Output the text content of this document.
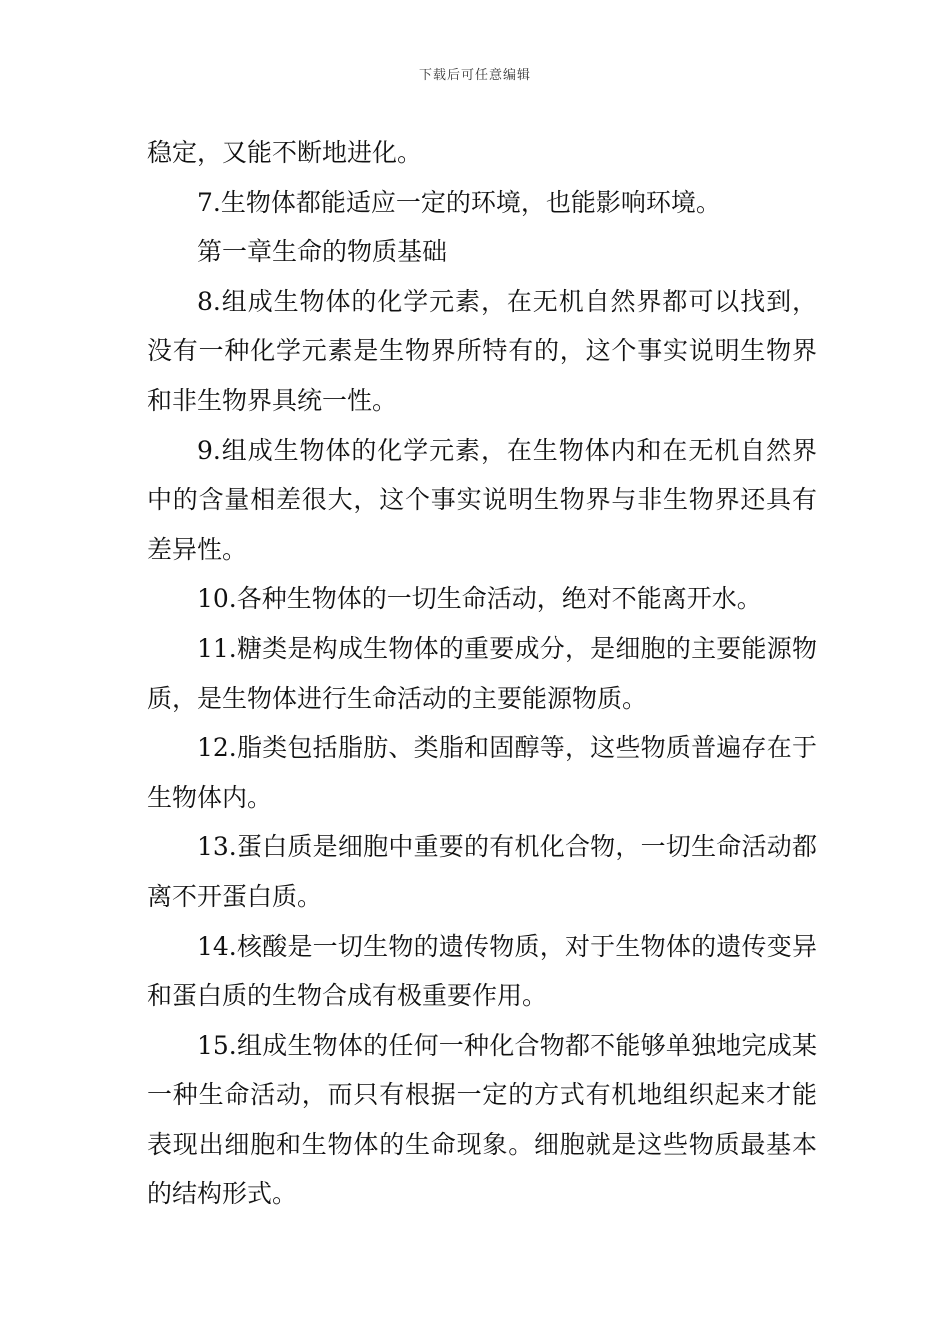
下载后可任意编辑

稳定，又能不断地进化。

7.生物体都能适应一定的环境，也能影响环境。

第一章生命的物质基础

8.组成生物体的化学元素，在无机自然界都可以找到，没有一种化学元素是生物界所特有的，这个事实说明生物界和非生物界具统一性。

9.组成生物体的化学元素，在生物体内和在无机自然界中的含量相差很大，这个事实说明生物界与非生物界还具有差异性。

10.各种生物体的一切生命活动，绝对不能离开水。

11.糖类是构成生物体的重要成分，是细胞的主要能源物质，是生物体进行生命活动的主要能源物质。

12.脂类包括脂肪、类脂和固醇等，这些物质普遍存在于生物体内。

13.蛋白质是细胞中重要的有机化合物，一切生命活动都离不开蛋白质。

14.核酸是一切生物的遗传物质，对于生物体的遗传变异和蛋白质的生物合成有极重要作用。

15.组成生物体的任何一种化合物都不能够单独地完成某一种生命活动，而只有根据一定的方式有机地组织起来才能表现出细胞和生物体的生命现象。细胞就是这些物质最基本的结构形式。
